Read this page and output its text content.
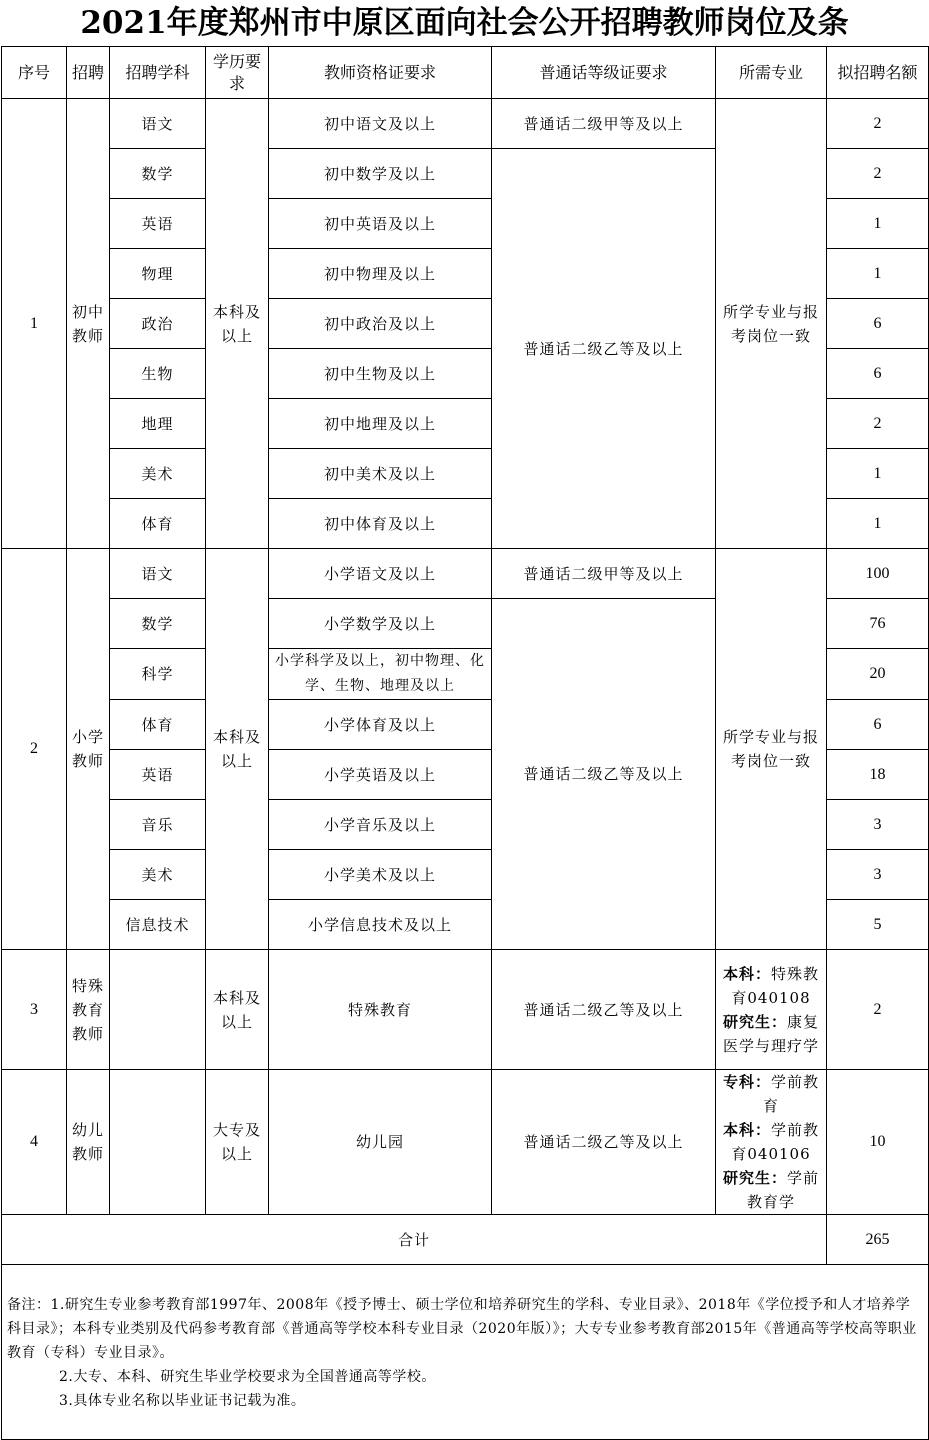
2021年度郑州市中原区面向社会公开招聘教师岗位及条
序号	招聘	招聘学科	学历要求	教师资格证要求	普通话等级证要求	所需专业	拟招聘名额
1	初中教师	语文	本科及以上	初中语文及以上	普通话二级甲等及以上	所学专业与报考岗位一致	2
		数学		初中数学及以上	普通话二级乙等及以上		2
		英语		初中英语及以上			1
		物理		初中物理及以上			1
		政治		初中政治及以上			6
		生物		初中生物及以上			6
		地理		初中地理及以上			2
		美术		初中美术及以上			1
		体育		初中体育及以上			1
2	小学教师	语文	本科及以上	小学语文及以上	普通话二级甲等及以上	所学专业与报考岗位一致	100
		数学		小学数学及以上	普通话二级乙等及以上		76
		科学		小学科学及以上，初中物理、化学、生物、地理及以上			20
		体育		小学体育及以上			6
		英语		小学英语及以上			18
		音乐		小学音乐及以上			3
		美术		小学美术及以上			3
		信息技术		小学信息技术及以上			5
3	特殊教育教师		本科及以上	特殊教育	普通话二级乙等及以上	本科：特殊教育040108
研究生：康复医学与理疗学	2
4	幼儿教师		大专及以上	幼儿园	普通话二级乙等及以上	专科：学前教育
本科：学前教育040106
研究生：学前教育学	10
合计							265

备注：1.研究生专业参考教育部1997年、2008年《授予博士、硕士学位和培养研究生的学科、专业目录》、2018年《学位授予和人才培养学科目录》；本科专业类别及代码参考教育部《普通高等学校本科专业目录（2020年版）》；大专专业参考教育部2015年《普通高等学校高等职业教育（专科）专业目录》。
2.大专、本科、研究生毕业学校要求为全国普通高等学校。
3.具体专业名称以毕业证书记载为准。							
